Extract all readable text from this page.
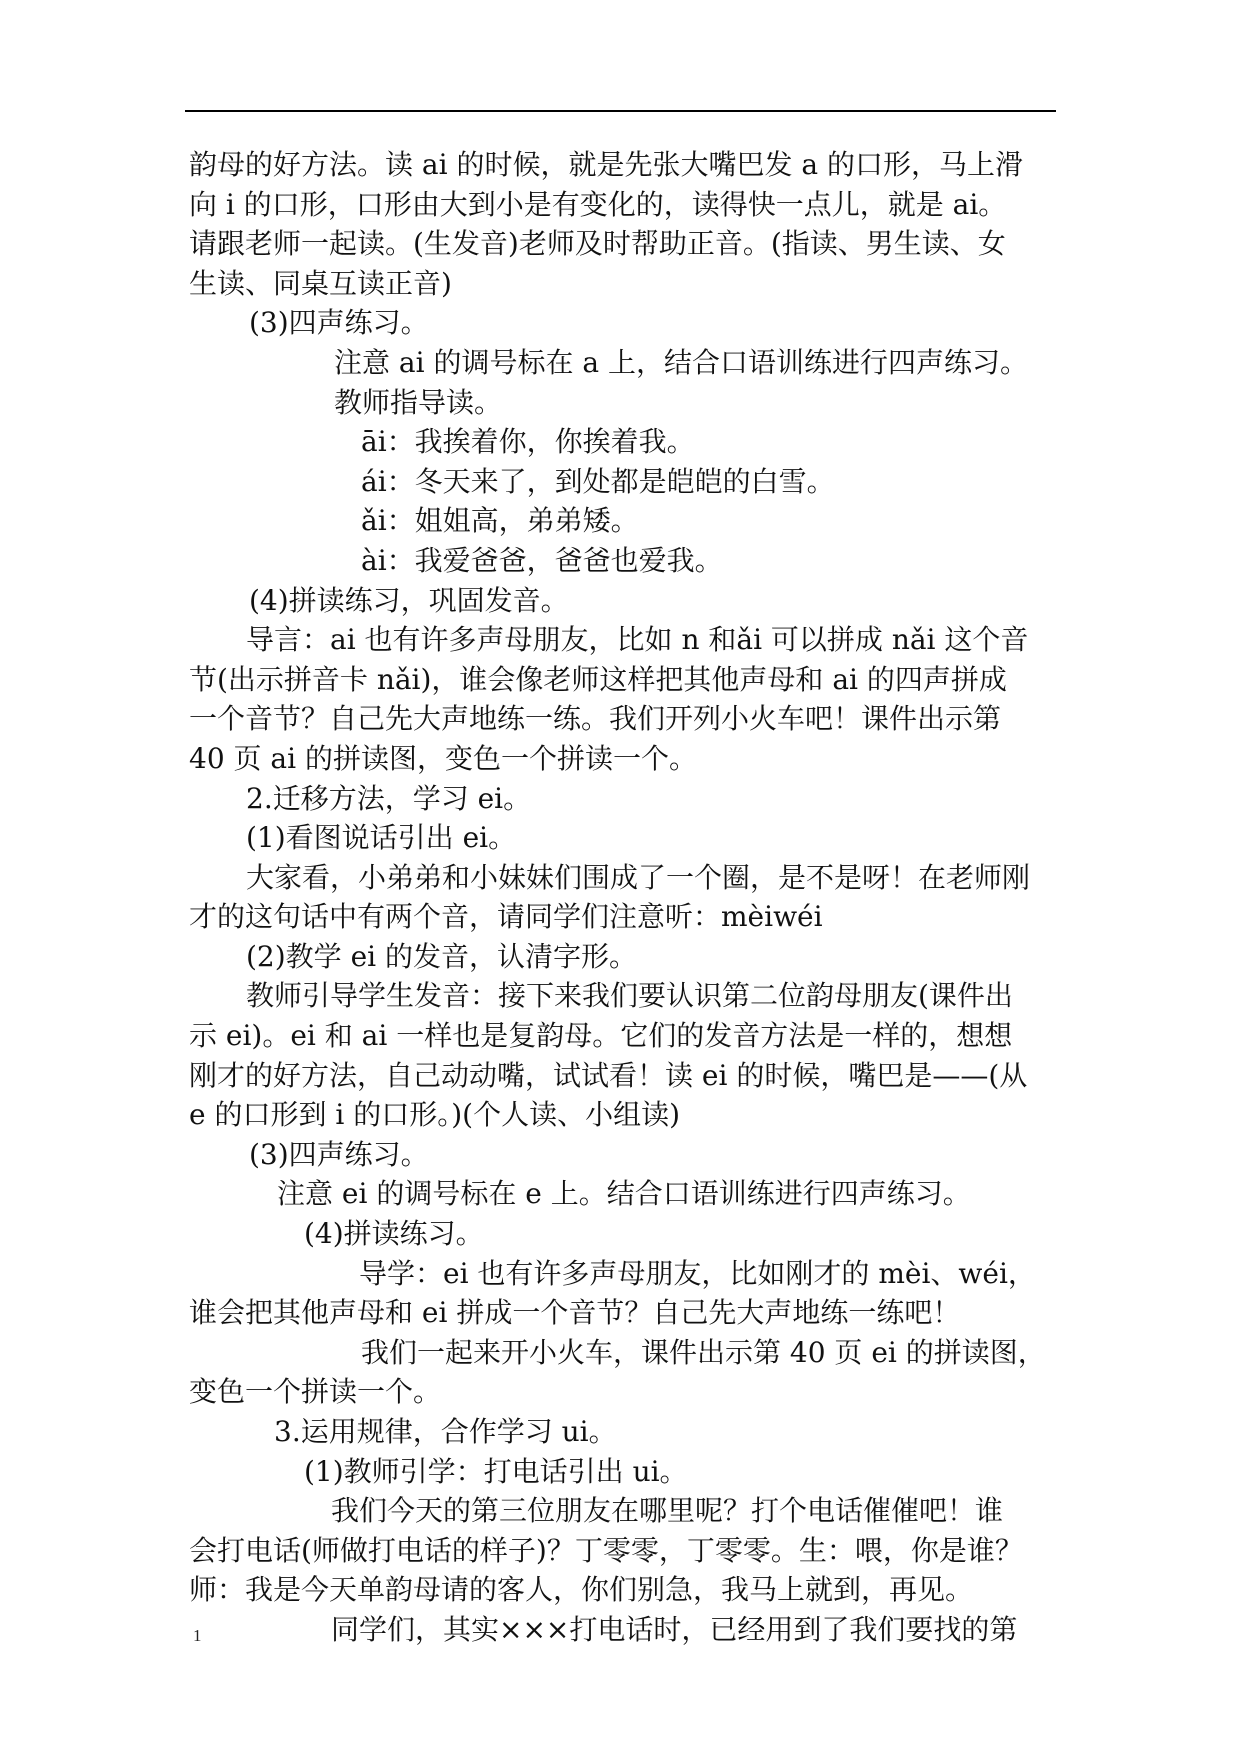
韵母的好方法。读 ai 的时候，就是先张大嘴巴发 a 的口形，马上滑
向 i 的口形，口形由大到小是有变化的，读得快一点儿，就是 ai。
请跟老师一起读。(生发音)老师及时帮助正音。(指读、男生读、女
生读、同桌互读正音)
(3)四声练习。
注意 ai 的调号标在 a 上，结合口语训练进行四声练习。
教师指导读。
āi：我挨着你，你挨着我。
ái：冬天来了，到处都是皑皑的白雪。
ǎi：姐姐高，弟弟矮。
ài：我爱爸爸，爸爸也爱我。
(4)拼读练习，巩固发音。
导言：ai 也有许多声母朋友，比如 n 和ǎi 可以拼成 nǎi 这个音
节(出示拼音卡 nǎi)，谁会像老师这样把其他声母和 ai 的四声拼成
一个音节？自己先大声地练一练。我们开列小火车吧！课件出示第
40 页 ai 的拼读图，变色一个拼读一个。
2.迁移方法，学习 ei。
(1)看图说话引出 ei。
大家看，小弟弟和小妹妹们围成了一个圈，是不是呀！在老师刚
才的这句话中有两个音，请同学们注意听：mèiwéi
(2)教学 ei 的发音，认清字形。
教师引导学生发音：接下来我们要认识第二位韵母朋友(课件出
示 ei)。ei 和 ai 一样也是复韵母。它们的发音方法是一样的，想想
刚才的好方法，自己动动嘴，试试看！读 ei 的时候，嘴巴是——(从
e 的口形到 i 的口形。)(个人读、小组读)
(3)四声练习。
注意 ei 的调号标在 e 上。结合口语训练进行四声练习。
(4)拼读练习。
导学：ei 也有许多声母朋友，比如刚才的 mèi、wéi，
谁会把其他声母和 ei 拼成一个音节？自己先大声地练一练吧！
我们一起来开小火车，课件出示第 40 页 ei 的拼读图，
变色一个拼读一个。
3.运用规律，合作学习 ui。
(1)教师引学：打电话引出 ui。
我们今天的第三位朋友在哪里呢？打个电话催催吧！谁
会打电话(师做打电话的样子)？丁零零，丁零零。生：喂，你是谁？
师：我是今天单韵母请的客人，你们别急，我马上就到，再见。
同学们，其实×××打电话时，已经用到了我们要找的第
1
